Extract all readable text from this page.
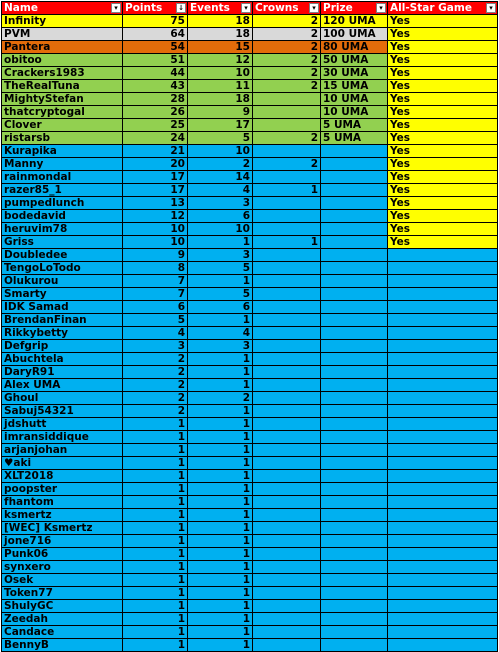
Name ▾	Points ↓	Events ▾	Crowns ▾	Prize ▾	All-Star Game ▾

Infinity	75	18	2	120 UMA	Yes
PVM	64	18	2	100 UMA	Yes
Pantera	54	15	2	80 UMA	Yes
obitoo	51	12	2	50 UMA	Yes
Crackers1983	44	10	2	30 UMA	Yes
TheRealTuna	43	11	2	15 UMA	Yes
MightyStefan	28	18		10 UMA	Yes
thatcryptogal	26	9		10 UMA	Yes
Clover	25	17		5 UMA	Yes
ristarsb	24	5	2	5 UMA	Yes
Kurapika	21	10			Yes
Manny	20	2	2		Yes
rainmondal	17	14			Yes
razer85_1	17	4	1		Yes
pumpedlunch	13	3			Yes
bodedavid	12	6			Yes
heruvim78	10	10			Yes
Griss	10	1	1		Yes
Doubledee	9	3			
TengoLoTodo	8	5			
Olukurou	7	1			
Smarty	7	5			
IDK Samad	6	6			
BrendanFinan	5	1			
Rikkybetty	4	4			
Defgrip	3	3			
Abuchtela	2	1			
DaryR91	2	1			
Alex UMA	2	1			
Ghoul	2	2			
Sabuj54321	2	1			
jdshutt	1	1			
imransiddique	1	1			
arjanjohan	1	1			
♥aki	1	1			
XLT2018	1	1			
poopster	1	1			
fhantom	1	1			
ksmertz	1	1			
[WEC] Ksmertz	1	1			
jone716	1	1			
Punk06	1	1			
synxero	1	1			
Osek	1	1			
Token77	1	1			
ShulyGC	1	1			
Zeedah	1	1			
Candace	1	1			
BennyB	1	1			
